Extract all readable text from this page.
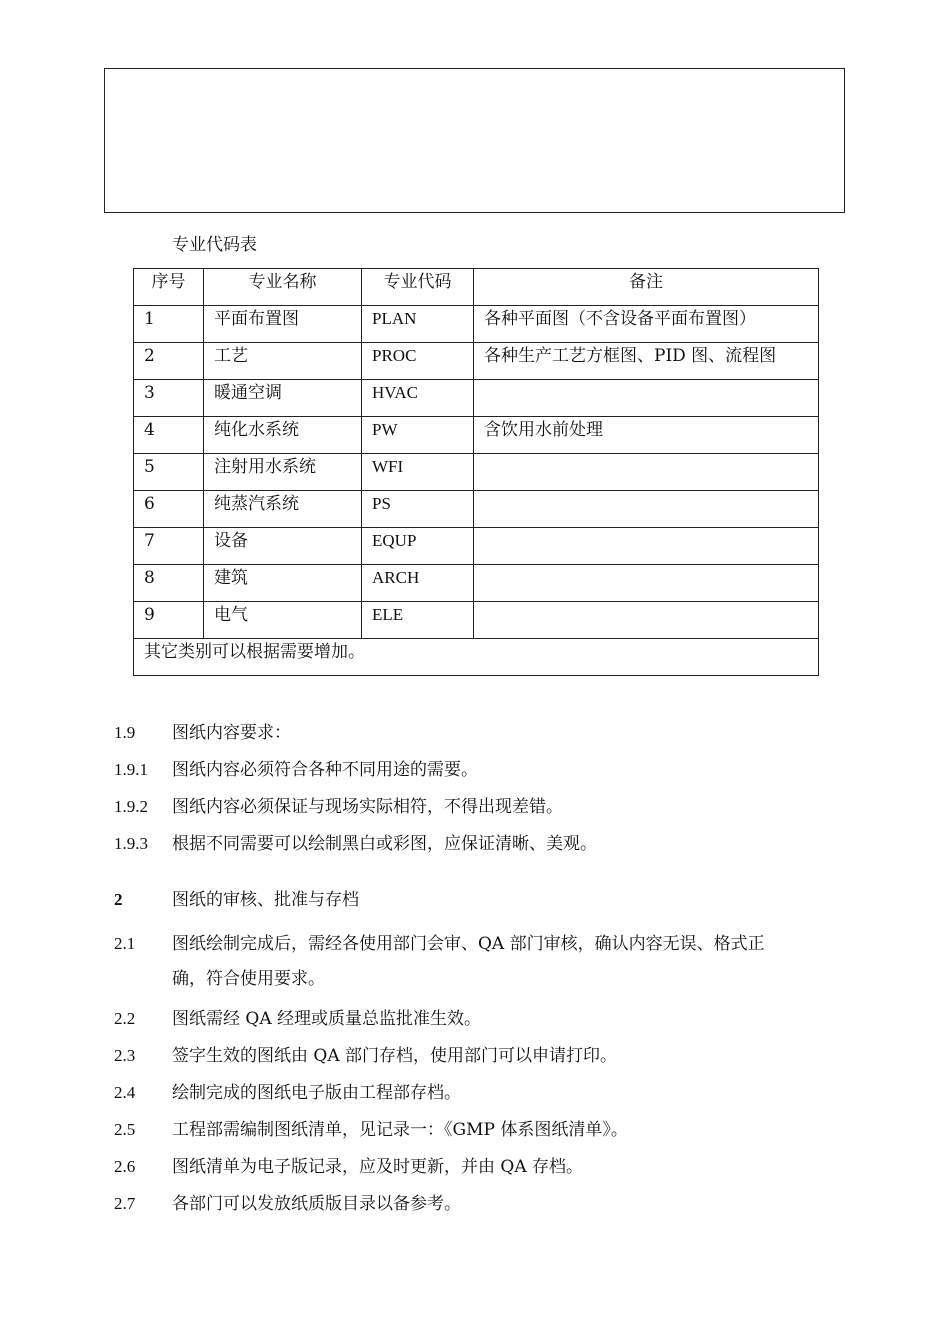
专业代码表
序号	专业名称	专业代码	备注
1	平面布置图	PLAN	各种平面图（不含设备平面布置图）
2	工艺	PROC	各种生产工艺方框图、PID 图、流程图
3	暖通空调	HVAC	
4	纯化水系统	PW	含饮用水前处理
5	注射用水系统	WFI	
6	纯蒸汽系统	PS	
7	设备	EQUP	
8	建筑	ARCH	
9	电气	ELE	
其它类别可以根据需要增加。			
1.9 图纸内容要求：
1.9.1 图纸内容必须符合各种不同用途的需要。
1.9.2 图纸内容必须保证与现场实际相符，不得出现差错。
1.9.3 根据不同需要可以绘制黑白或彩图，应保证清晰、美观。
2	图纸的审核、批准与存档
2.1 图纸绘制完成后，需经各使用部门会审、QA 部门审核，确认内容无误、格式正
确，符合使用要求。
2.2 图纸需经 QA 经理或质量总监批准生效。
2.3 签字生效的图纸由 QA 部门存档，使用部门可以申请打印。
2.4 绘制完成的图纸电子版由工程部存档。
2.5 工程部需编制图纸清单，见记录一：《GMP 体系图纸清单》。
2.6 图纸清单为电子版记录，应及时更新，并由 QA 存档。
2.7 各部门可以发放纸质版目录以备参考。
